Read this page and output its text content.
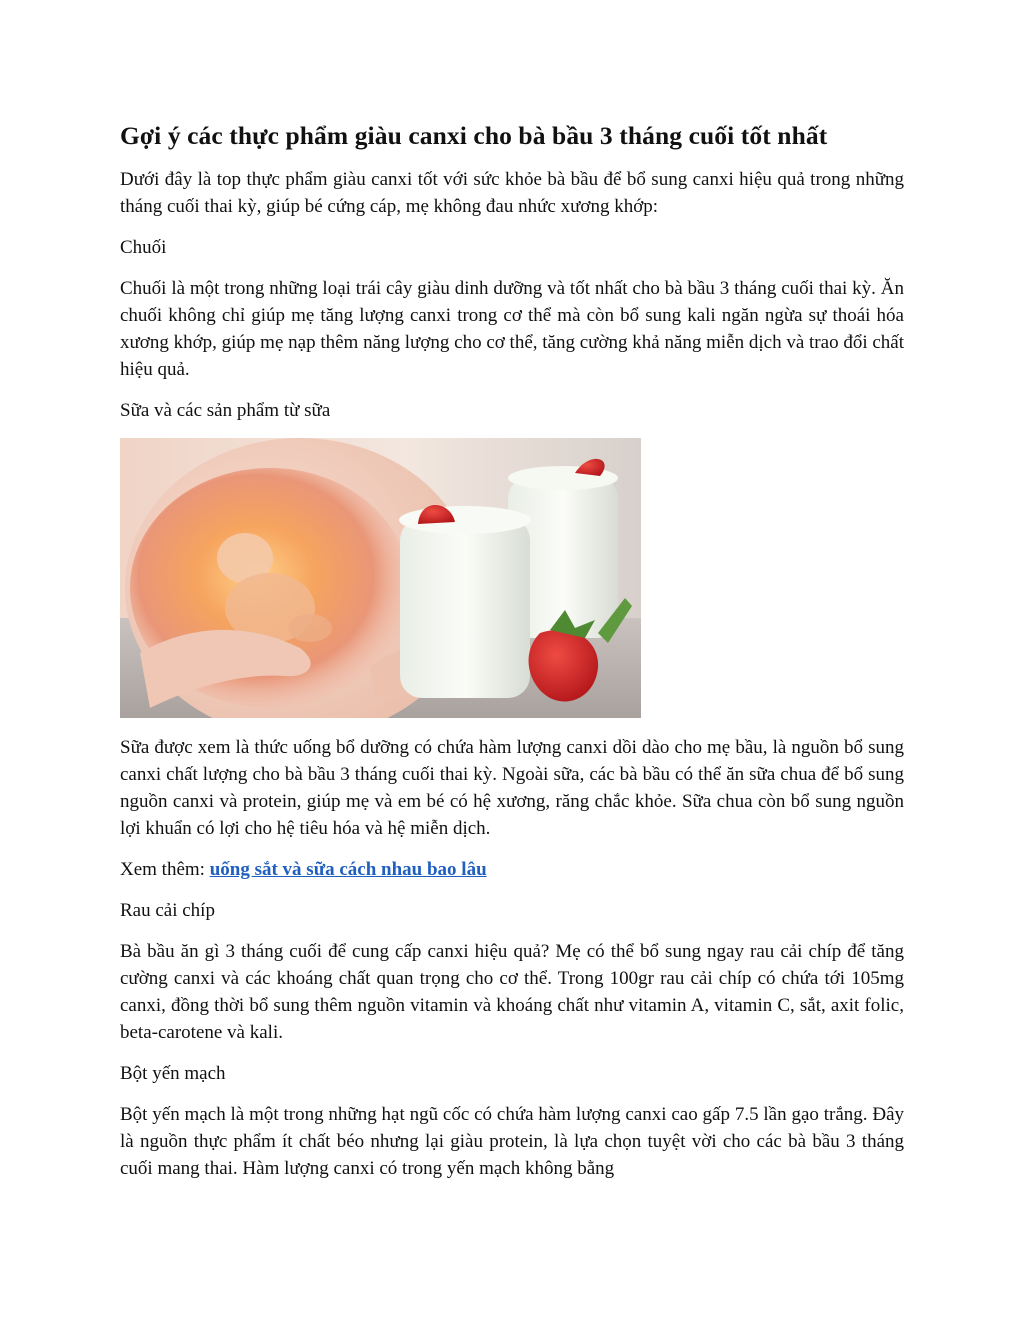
Gợi ý các thực phẩm giàu canxi cho bà bầu 3 tháng cuối tốt nhất

Dưới đây là top thực phẩm giàu canxi tốt với sức khỏe bà bầu để bổ sung canxi hiệu quả trong những tháng cuối thai kỳ, giúp bé cứng cáp, mẹ không đau nhức xương khớp:

Chuối

Chuối là một trong những loại trái cây giàu dinh dưỡng và tốt nhất cho bà bầu 3 tháng cuối thai kỳ. Ăn chuối không chỉ giúp mẹ tăng lượng canxi trong cơ thể mà còn bổ sung kali ngăn ngừa sự thoái hóa xương khớp, giúp mẹ nạp thêm năng lượng cho cơ thể, tăng cường khả năng miễn dịch và trao đổi chất hiệu quả.

Sữa và các sản phẩm từ sữa

Sữa được xem là thức uống bổ dưỡng có chứa hàm lượng canxi dồi dào cho mẹ bầu, là nguồn bổ sung canxi chất lượng cho bà bầu 3 tháng cuối thai kỳ. Ngoài sữa, các bà bầu có thể ăn sữa chua để bổ sung nguồn canxi và protein, giúp mẹ và em bé có hệ xương, răng chắc khỏe. Sữa chua còn bổ sung nguồn lợi khuẩn có lợi cho hệ tiêu hóa và hệ miễn dịch.

Xem thêm: uống sắt và sữa cách nhau bao lâu

Rau cải chíp

Bà bầu ăn gì 3 tháng cuối để cung cấp canxi hiệu quả? Mẹ có thể bổ sung ngay rau cải chíp để tăng cường canxi và các khoáng chất quan trọng cho cơ thể. Trong 100gr rau cải chíp có chứa tới 105mg canxi, đồng thời bổ sung thêm nguồn vitamin và khoáng chất như vitamin A, vitamin C, sắt, axit folic, beta-carotene và kali.

Bột yến mạch

Bột yến mạch là một trong những hạt ngũ cốc có chứa hàm lượng canxi cao gấp 7.5 lần gạo trắng. Đây là nguồn thực phẩm ít chất béo nhưng lại giàu protein, là lựa chọn tuyệt vời cho các bà bầu 3 tháng cuối mang thai. Hàm lượng canxi có trong yến mạch không bằng
